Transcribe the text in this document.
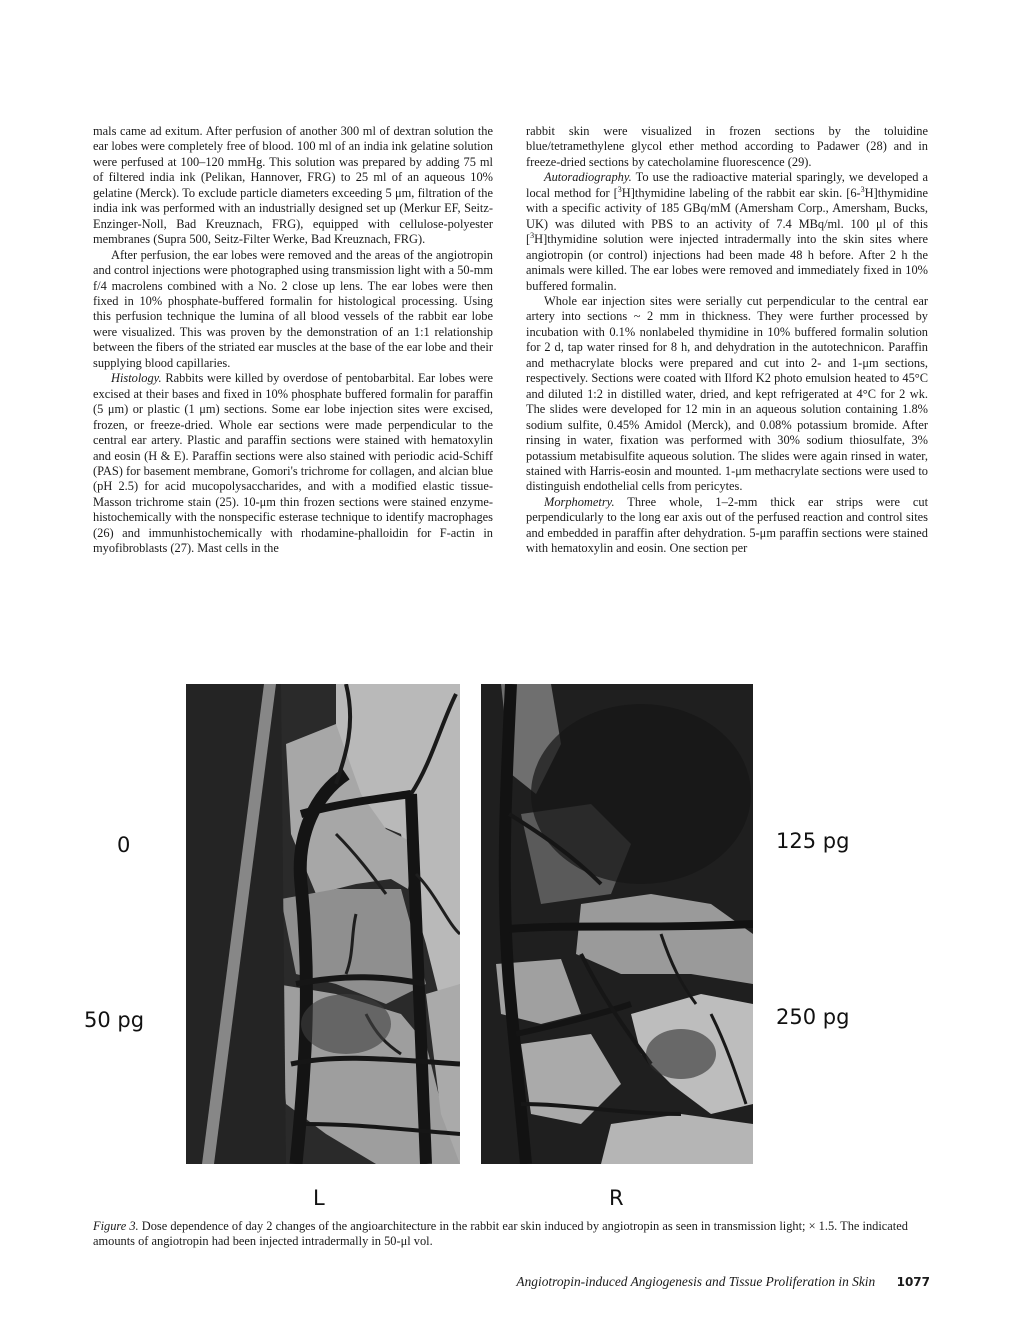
mals came ad exitum. After perfusion of another 300 ml of dextran solution the ear lobes were completely free of blood. 100 ml of an india ink gelatine solution were perfused at 100–120 mmHg. This solution was prepared by adding 75 ml of filtered india ink (Pelikan, Hannover, FRG) to 25 ml of an aqueous 10% gelatine (Merck). To exclude particle diameters exceeding 5 μm, filtration of the india ink was performed with an industrially designed set up (Merkur EF, Seitz-Enzinger-Noll, Bad Kreuznach, FRG), equipped with cellulose-polyester membranes (Supra 500, Seitz-Filter Werke, Bad Kreuznach, FRG).

After perfusion, the ear lobes were removed and the areas of the angiotropin and control injections were photographed using transmission light with a 50-mm f/4 macrolens combined with a No. 2 close up lens. The ear lobes were then fixed in 10% phosphate-buffered formalin for histological processing. Using this perfusion technique the lumina of all blood vessels of the rabbit ear lobe were visualized. This was proven by the demonstration of an 1:1 relationship between the fibers of the striated ear muscles at the base of the ear lobe and their supplying blood capillaries.

Histology. Rabbits were killed by overdose of pentobarbital. Ear lobes were excised at their bases and fixed in 10% phosphate buffered formalin for paraffin (5 μm) or plastic (1 μm) sections. Some ear lobe injection sites were excised, frozen, or freeze-dried. Whole ear sections were made perpendicular to the central ear artery. Plastic and paraffin sections were stained with hematoxylin and eosin (H & E). Paraffin sections were also stained with periodic acid-Schiff (PAS) for basement membrane, Gomori's trichrome for collagen, and alcian blue (pH 2.5) for acid mucopolysaccharides, and with a modified elastic tissue-Masson trichrome stain (25). 10-μm thin frozen sections were stained enzyme-histochemically with the nonspecific esterase technique to identify macrophages (26) and immunhistochemically with rhodamine-phalloidin for F-actin in myofibroblasts (27). Mast cells in the

rabbit skin were visualized in frozen sections by the toluidine blue/tetramethylene glycol ether method according to Padawer (28) and in freeze-dried sections by catecholamine fluorescence (29).

Autoradiography. To use the radioactive material sparingly, we developed a local method for [$^3$H]thymidine labeling of the rabbit ear skin. [6-$^3$H]thymidine with a specific activity of 185 GBq/mM (Amersham Corp., Amersham, Bucks, UK) was diluted with PBS to an activity of 7.4 MBq/ml. 100 μl of this [$^3$H]thymidine solution were injected intradermally into the skin sites where angiotropin (or control) injections had been made 48 h before. After 2 h the animals were killed. The ear lobes were removed and immediately fixed in 10% buffered formalin.

Whole ear injection sites were serially cut perpendicular to the central ear artery into sections ~ 2 mm in thickness. They were further processed by incubation with 0.1% nonlabeled thymidine in 10% buffered formalin solution for 2 d, tap water rinsed for 8 h, and dehydration in the autotechnicon. Paraffin and methacrylate blocks were prepared and cut into 2- and 1-μm sections, respectively. Sections were coated with Ilford K2 photo emulsion heated to 45°C and diluted 1:2 in distilled water, dried, and kept refrigerated at 4°C for 2 wk. The slides were developed for 12 min in an aqueous solution containing 1.8% sodium sulfite, 0.45% Amidol (Merck), and 0.08% potassium bromide. After rinsing in water, fixation was performed with 30% sodium thiosulfate, 3% potassium metabisulfite aqueous solution. The slides were again rinsed in water, stained with Harris-eosin and mounted. 1-μm methacrylate sections were used to distinguish endothelial cells from pericytes.

Morphometry. Three whole, 1–2-mm thick ear strips were cut perpendicularly to the long ear axis out of the perfused reaction and control sites and embedded in paraffin after dehydration. 5-μm paraffin sections were stained with hematoxylin and eosin. One section per

0
50 pg
125 pg
250 pg
L	R
Figure 3. Dose dependence of day 2 changes of the angioarchitecture in the rabbit ear skin induced by angiotropin as seen in transmission light; × 1.5. The indicated amounts of angiotropin had been injected intradermally in 50-μl vol.
Angiotropin-induced Angiogenesis and Tissue Proliferation in Skin 1077
